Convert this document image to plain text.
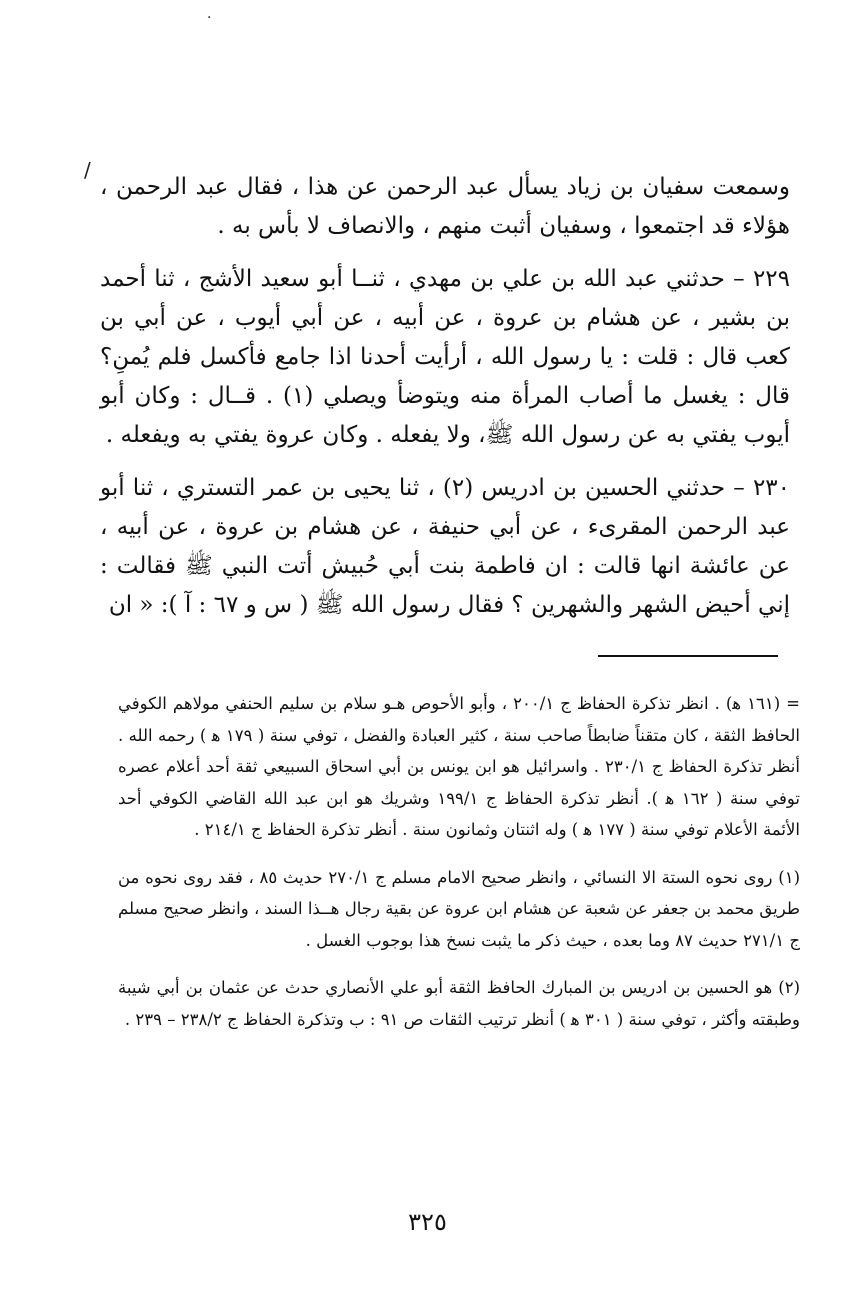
·
/

وسمعت سفيان بن زياد يسأل عبد الرحمن عن هذا ، فقال عبد الرحمن ، هؤلاء قد اجتمعوا ، وسفيان أثبت منهم ، والانصاف لا بأس به .

٢٢٩ – حدثني عبد الله بن علي بن مهدي ، ثنــا أبو سعيد الأشج ، ثنا أحمد بن بشير ، عن هشام بن عروة ، عن أبيه ، عن أبي أيوب ، عن أبي بن كعب قال : قلت : يا رسول الله ، أرأيت أحدنا اذا جامع فأكسل فلم يُمنِ؟ قال : يغسل ما أصاب المرأة منه ويتوضأ ويصلي (١) . قــال : وكان أبو أيوب يفتي به عن رسول الله ﷺ، ولا يفعله . وكان عروة يفتي به ويفعله .

٢٣٠ – حدثني الحسين بن ادريس (٢) ، ثنا يحيى بن عمر التستري ، ثنا أبو عبد الرحمن المقرىء ، عن أبي حنيفة ، عن هشام بن عروة ، عن أبيه ، عن عائشة انها قالت : ان فاطمة بنت أبي حُبيش أتت النبي ﷺ فقالت : إني أحيض الشهر والشهرين ؟ فقال رسول الله ﷺ ( س و ٦٧ : آ ): « ان

= (١٦١ ﻫ) . انظر تذكرة الحفاظ ج ٢٠٠/١ ، وأبو الأحوص هـو سلام بن سليم الحنفي مولاهم الكوفي الحافظ الثقة ، كان متقناً ضابطاً صاحب سنة ، كثير العبادة والفضل ، توفي سنة ( ١٧٩ ﻫ ) رحمه الله . أنظر تذكرة الحفاظ ج ٢٣٠/١ . واسرائيل هو ابن يونس بن أبي اسحاق السبيعي ثقة أحد أعلام عصره توفي سنة ( ١٦٢ ﻫ ). أنظر تذكرة الحفاظ ج ١٩٩/١ وشريك هو ابن عبد الله القاضي الكوفي أحد الأئمة الأعلام توفي سنة ( ١٧٧ ﻫ ) وله اثنتان وثمانون سنة . أنظر تذكرة الحفاظ ج ٢١٤/١ .

(١) روى نحوه الستة الا النسائي ، وانظر صحيح الامام مسلم ج ٢٧٠/١ حديث ٨٥ ، فقد روى نحوه من طريق محمد بن جعفر عن شعبة عن هشام ابن عروة عن بقية رجال هــذا السند ، وانظر صحيح مسلم ج ٢٧١/١ حديث ٨٧ وما بعده ، حيث ذكر ما يثبت نسخ هذا بوجوب الغسل .

(٢) هو الحسين بن ادريس بن المبارك الحافظ الثقة أبو علي الأنصاري حدث عن عثمان بن أبي شيبة وطبقته وأكثر ، توفي سنة ( ٣٠١ ﻫ ) أنظر ترتيب الثقات ص ٩١ : ب وتذكرة الحفاظ ج ٢٣٨/٢ – ٢٣٩ .

٣٢٥
